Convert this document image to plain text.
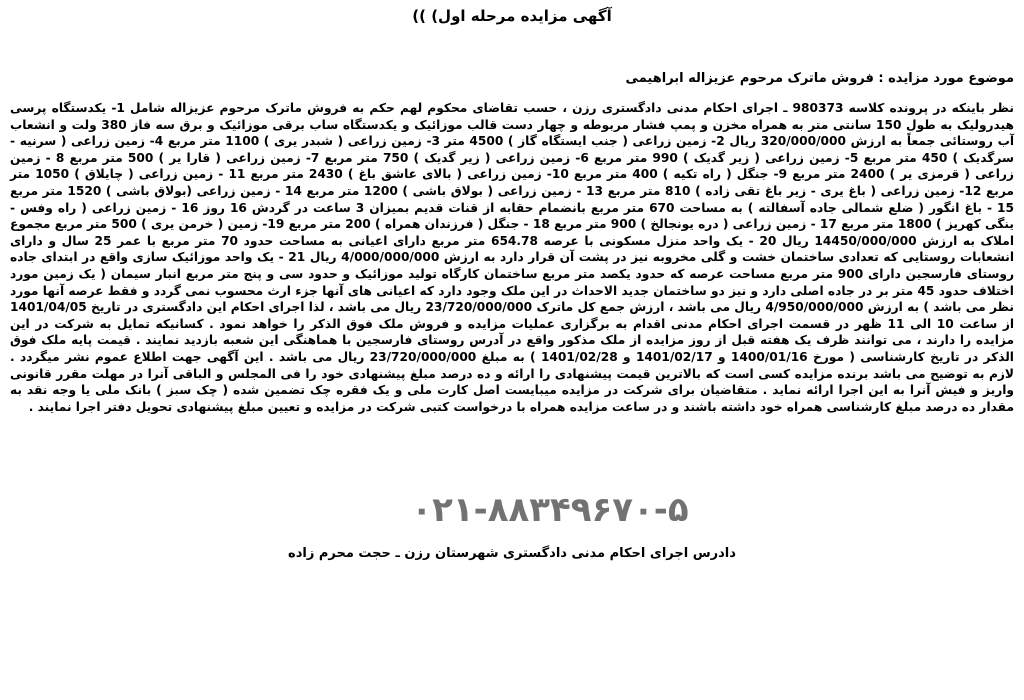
آگهی مزایده مرحله اول) ))
موضوع مورد مزایده : فروش ماترک مرحوم عزیزاله ابراهیمی
نظر باینکه در پرونده کلاسه 980373 ـ اجرای احکام مدنی دادگستری رزن ، حسب تقاضای محکوم لهم حکم به فروش ماترک مرحوم عزیزاله شامل 1- یکدستگاه پرسی هیدرولیک به طول 150 سانتی متر به همراه مخزن و پمپ فشار مربوطه و چهار دست قالب موزائیک و یکدستگاه ساب برقی موزائیک و برق سه فاز 380 ولت و انشعاب آب روستائی جمعاً به ارزش 320/000/000 ریال 2- زمین زراعی ( جنب ایستگاه گاز ) 4500 متر 3- زمین زراعی ( شبدر یری ) 1100 متر مربع 4- زمین زراعی ( سرنیه - سرگدیک ) 450 متر مربع 5- زمین زراعی ( زیر گدیک ) 990 متر مربع 6- زمین زراعی ( زیر گدیک ) 750 متر مربع 7- زمین زراعی ( قارا یر ) 500 متر مربع 8 - زمین زراعی ( قرمزی یر ) 2400 متر مربع 9- جنگل ( راه تکیه ) 400 متر مربع 10- زمین زراعی ( بالای عاشق باغ ) 2430 متر مربع 11 - زمین زراعی ( چایلاق ) 1050 متر مربع 12- زمین زراعی ( باغ یری - زیر باغ تقی زاده ) 810 متر مربع 13 - زمین زراعی ( بولاق باشی ) 1200 متر مربع 14 - زمین زراعی (بولاق باشی ) 1520 متر مربع 15 - باغ انگور ( ضلع شمالی جاده آسفالته ) به مساحت 670 متر مربع بانضمام حقابه از قنات قدیم بمیزان 3 ساعت در گردش 16 روز 16 - زمین زراعی ( راه وفس - ینگی کهریز ) 1800 متر مربع 17 - زمین زراعی ( دره یونجالخ ) 900 متر مربع 18 - جنگل ( فرزندان همراه ) 200 متر مربع 19- زمین ( خرمن یری ) 500 متر مربع مجموع املاک به ارزش 14450/000/000 ریال 20 - یک واحد منزل مسکونی با عرصه 654.78 متر مربع دارای اعیانی به مساحت حدود 70 متر مربع با عمر 25 سال و دارای انشعابات روستایی که تعدادی ساختمان خشت و گلی مخروبه نیز در پشت آن قرار دارد به ارزش 4/000/000/000 ریال 21 - یک واحد موزائیک سازی واقع در ابتدای جاده روستای فارسجین دارای 900 متر مربع مساحت عرصه که حدود یکصد متر مربع ساختمان کارگاه تولید موزائیک و حدود سی و پنج متر مربع انبار سیمان ( یک زمین مورد اختلاف حدود 45 متر بر در جاده اصلی دارد و نیز دو ساختمان جدید الاحداث در این ملک وجود دارد که اعیانی های آنها جزء ارث محسوب نمی گردد و فقط عرصه آنها مورد نظر می باشد ) به ارزش 4/950/000/000 ریال می باشد ، ارزش جمع کل ماترک 23/720/000/000 ریال می باشد ، لذا اجرای احکام این دادگستری در تاریخ 1401/04/05 از ساعت 10 الی 11 ظهر در قسمت اجرای احکام مدنی اقدام به برگزاری عملیات مزایده و فروش ملک فوق الذکر را خواهد نمود . کسانیکه تمایل به شرکت در این مزایده را دارند ، می توانند ظرف یک هفته قبل از روز مزایده از ملک مذکور واقع در آدرس روستای فارسجین با هماهنگی این شعبه بازدید نمایند . قیمت پایه ملک فوق الذکر در تاریخ کارشناسی ( مورخ 1400/01/16 و 1401/02/17 و 1401/02/28 ) به مبلغ 23/720/000/000 ریال می باشد . این آگهی جهت اطلاع عموم نشر میگردد . لازم به توضیح می باشد برنده مزایده کسی است که بالاترین قیمت پیشنهادی را ارائه و ده درصد مبلغ پیشنهادی خود را فی المجلس و الباقی آنرا در مهلت مقرر قانونی واریز و فیش آنرا به این اجرا ارائه نماید . متقاضیان برای شرکت در مزایده میبایست اصل کارت ملی و یک فقره چک تضمین شده ( چک سبز ) بانک ملی یا وجه نقد به مقدار ده درصد مبلغ کارشناسی همراه خود داشته باشند و در ساعت مزایده همراه با درخواست کتبی شرکت در مزایده و تعیین مبلغ پیشنهادی تحویل دفتر اجرا نمایند .
۰۲۱-۸۸۳۴۹۶۷۰-۵
دادرس اجرای احکام مدنی دادگستری شهرستان رزن ـ حجت محرم زاده
